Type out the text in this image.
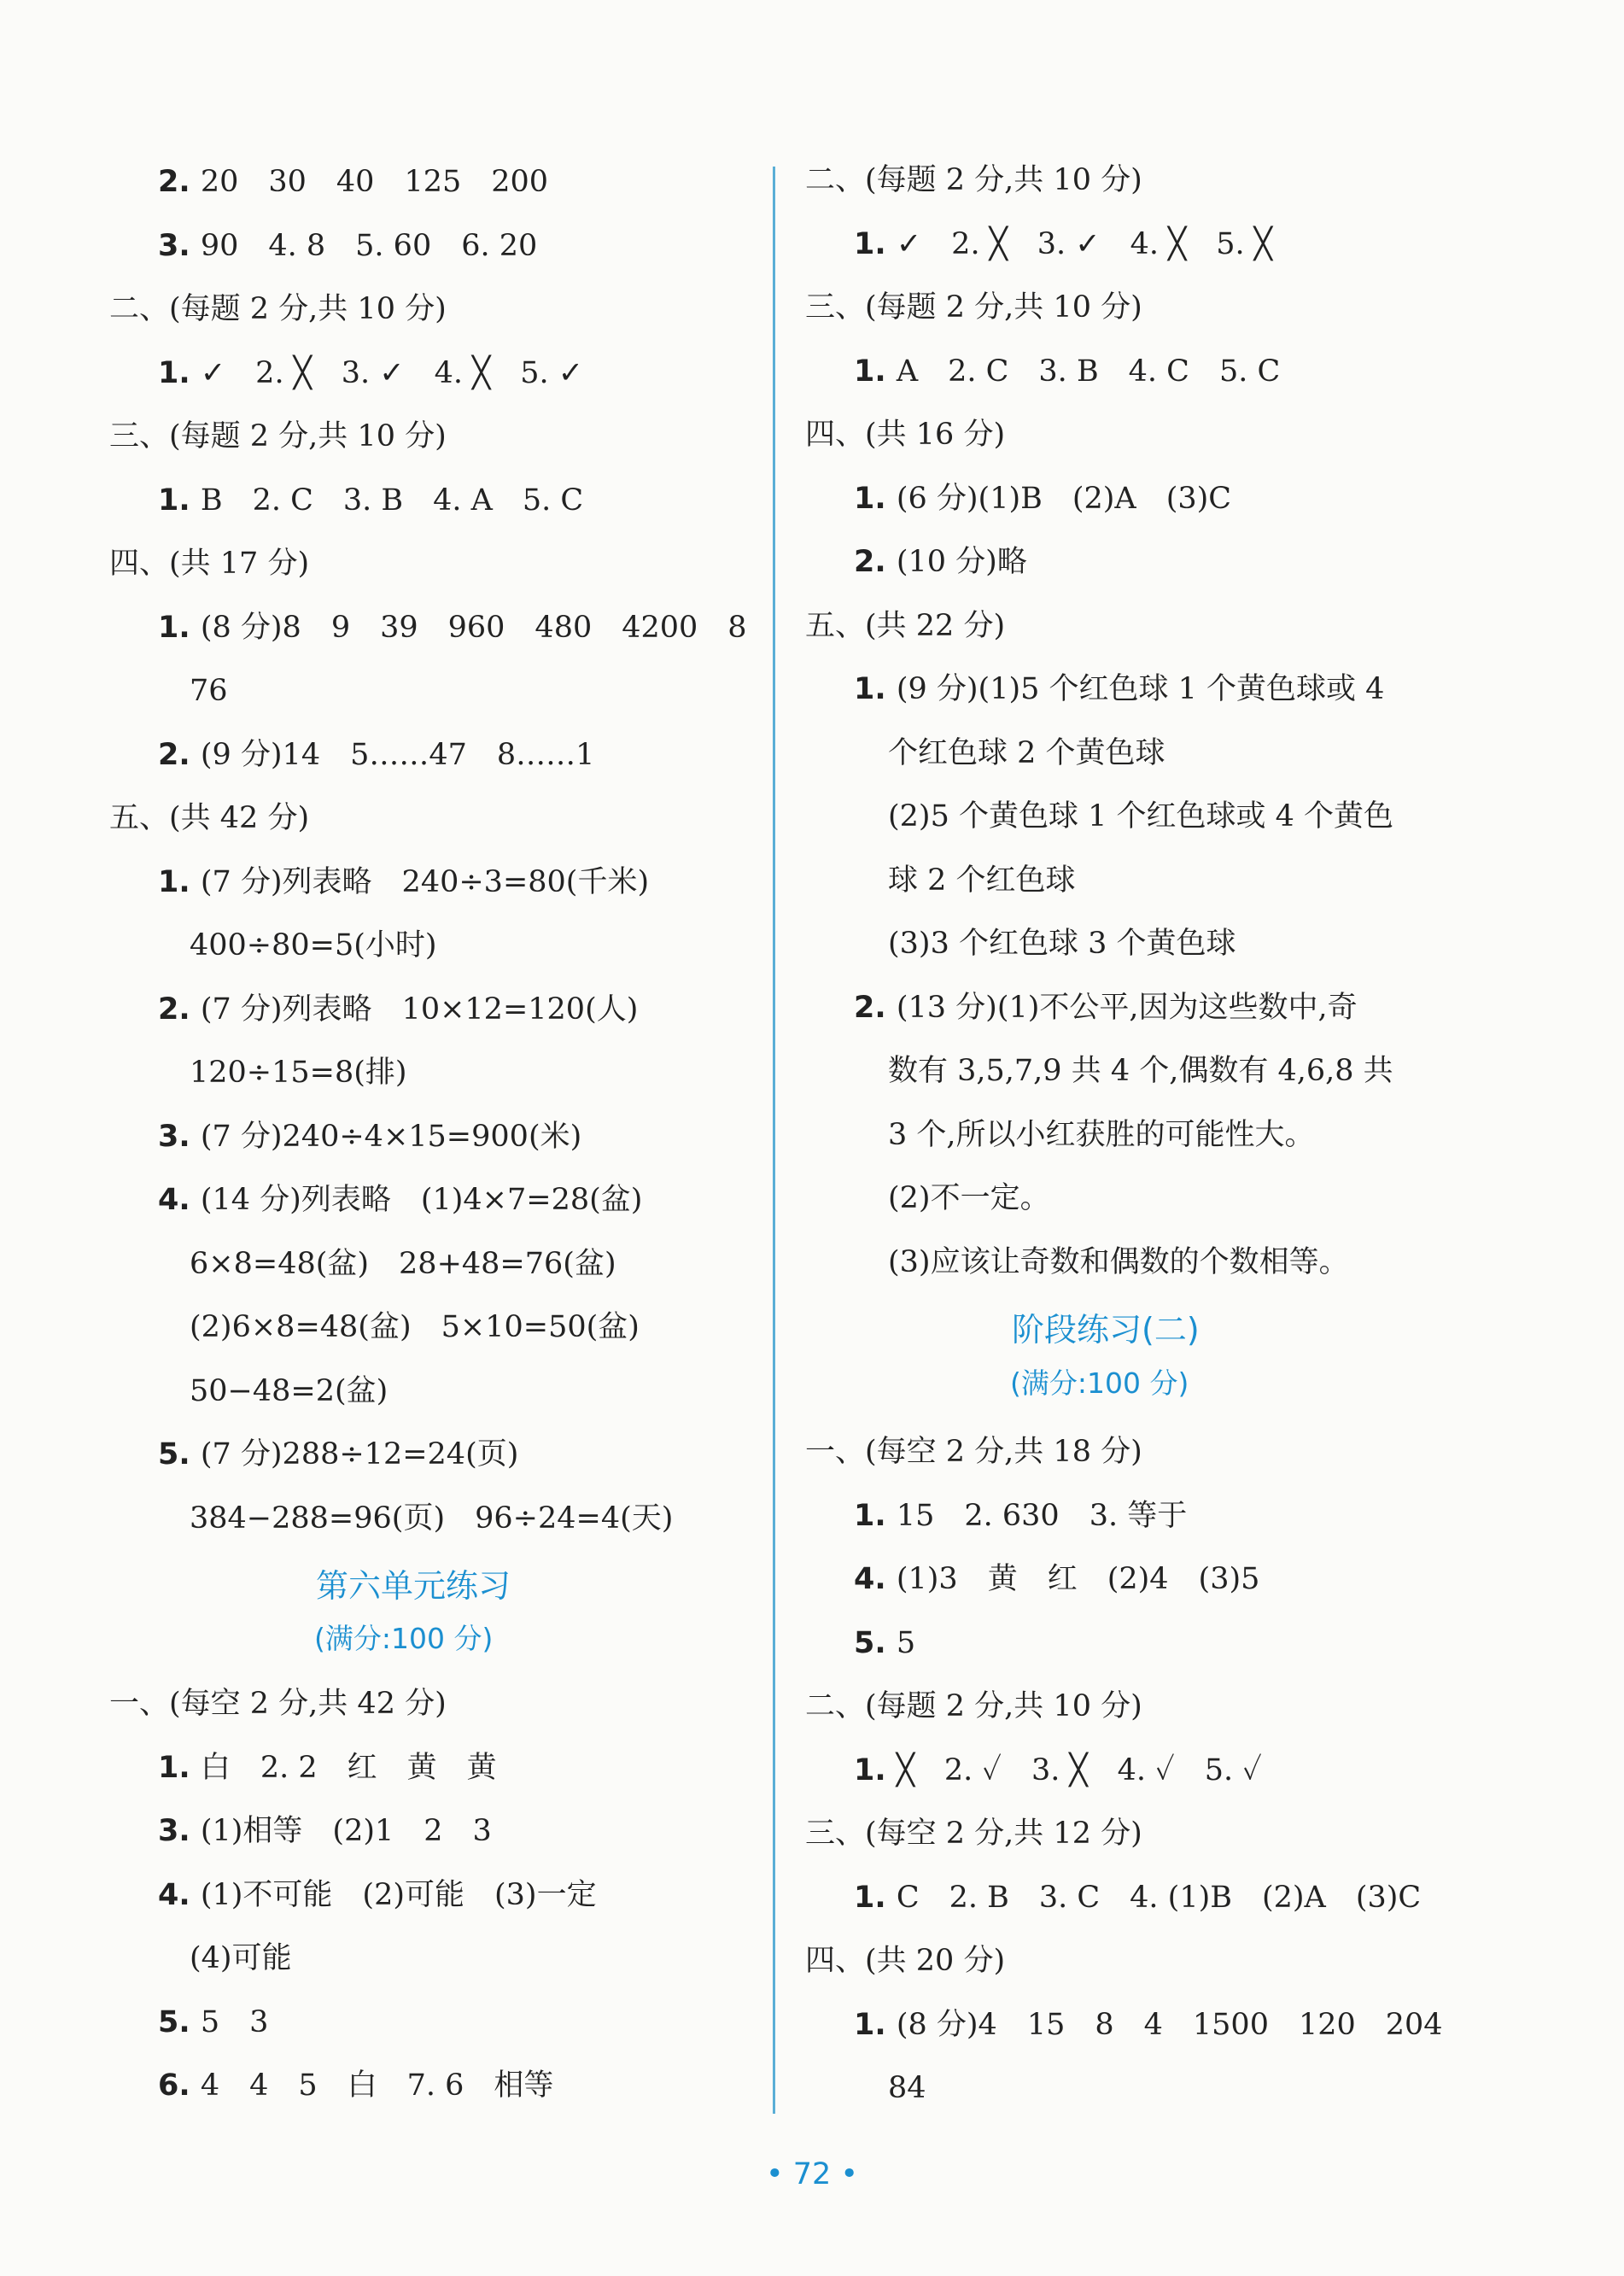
2. 20　30　40　125　200
3. 90　4. 8　5. 60　6. 20
二、(每题 2 分,共 10 分)
1. ✓　2. ╳　3. ✓　4. ╳　5. ✓
三、(每题 2 分,共 10 分)
1. B　2. C　3. B　4. A　5. C
四、(共 17 分)
1. (8 分)8　9　39　960　480　4200　8
76
2. (9 分)14　5……47　8……1
五、(共 42 分)
1. (7 分)列表略　240÷3=80(千米)
400÷80=5(小时)
2. (7 分)列表略　10×12=120(人)
120÷15=8(排)
3. (7 分)240÷4×15=900(米)
4. (14 分)列表略　(1)4×7=28(盆)
6×8=48(盆)　28+48=76(盆)
(2)6×8=48(盆)　5×10=50(盆)
50−48=2(盆)
5. (7 分)288÷12=24(页)
384−288=96(页)　96÷24=4(天)
第六单元练习
(满分:100 分)
一、(每空 2 分,共 42 分)
1. 白　2. 2　红　黄　黄
3. (1)相等　(2)1　2　3
4. (1)不可能　(2)可能　(3)一定
(4)可能
5. 5　3
6. 4　4　5　白　7. 6　相等
二、(每题 2 分,共 10 分)
1. ✓　2. ╳　3. ✓　4. ╳　5. ╳
三、(每题 2 分,共 10 分)
1. A　2. C　3. B　4. C　5. C
四、(共 16 分)
1. (6 分)(1)B　(2)A　(3)C
2. (10 分)略
五、(共 22 分)
1. (9 分)(1)5 个红色球 1 个黄色球或 4
个红色球 2 个黄色球
(2)5 个黄色球 1 个红色球或 4 个黄色
球 2 个红色球
(3)3 个红色球 3 个黄色球
2. (13 分)(1)不公平,因为这些数中,奇
数有 3,5,7,9 共 4 个,偶数有 4,6,8 共
3 个,所以小红获胜的可能性大。
(2)不一定。
(3)应该让奇数和偶数的个数相等。
阶段练习(二)
(满分:100 分)
一、(每空 2 分,共 18 分)
1. 15　2. 630　3. 等于
4. (1)3　黄　红　(2)4　(3)5
5. 5
二、(每题 2 分,共 10 分)
1. ╳　2. ✓　3. ╳　4. ✓　5. ✓
三、(每空 2 分,共 12 分)
1. C　2. B　3. C　4. (1)B　(2)A　(3)C
四、(共 20 分)
1. (8 分)4　15　8　4　1500　120　204
84
• 72 •
